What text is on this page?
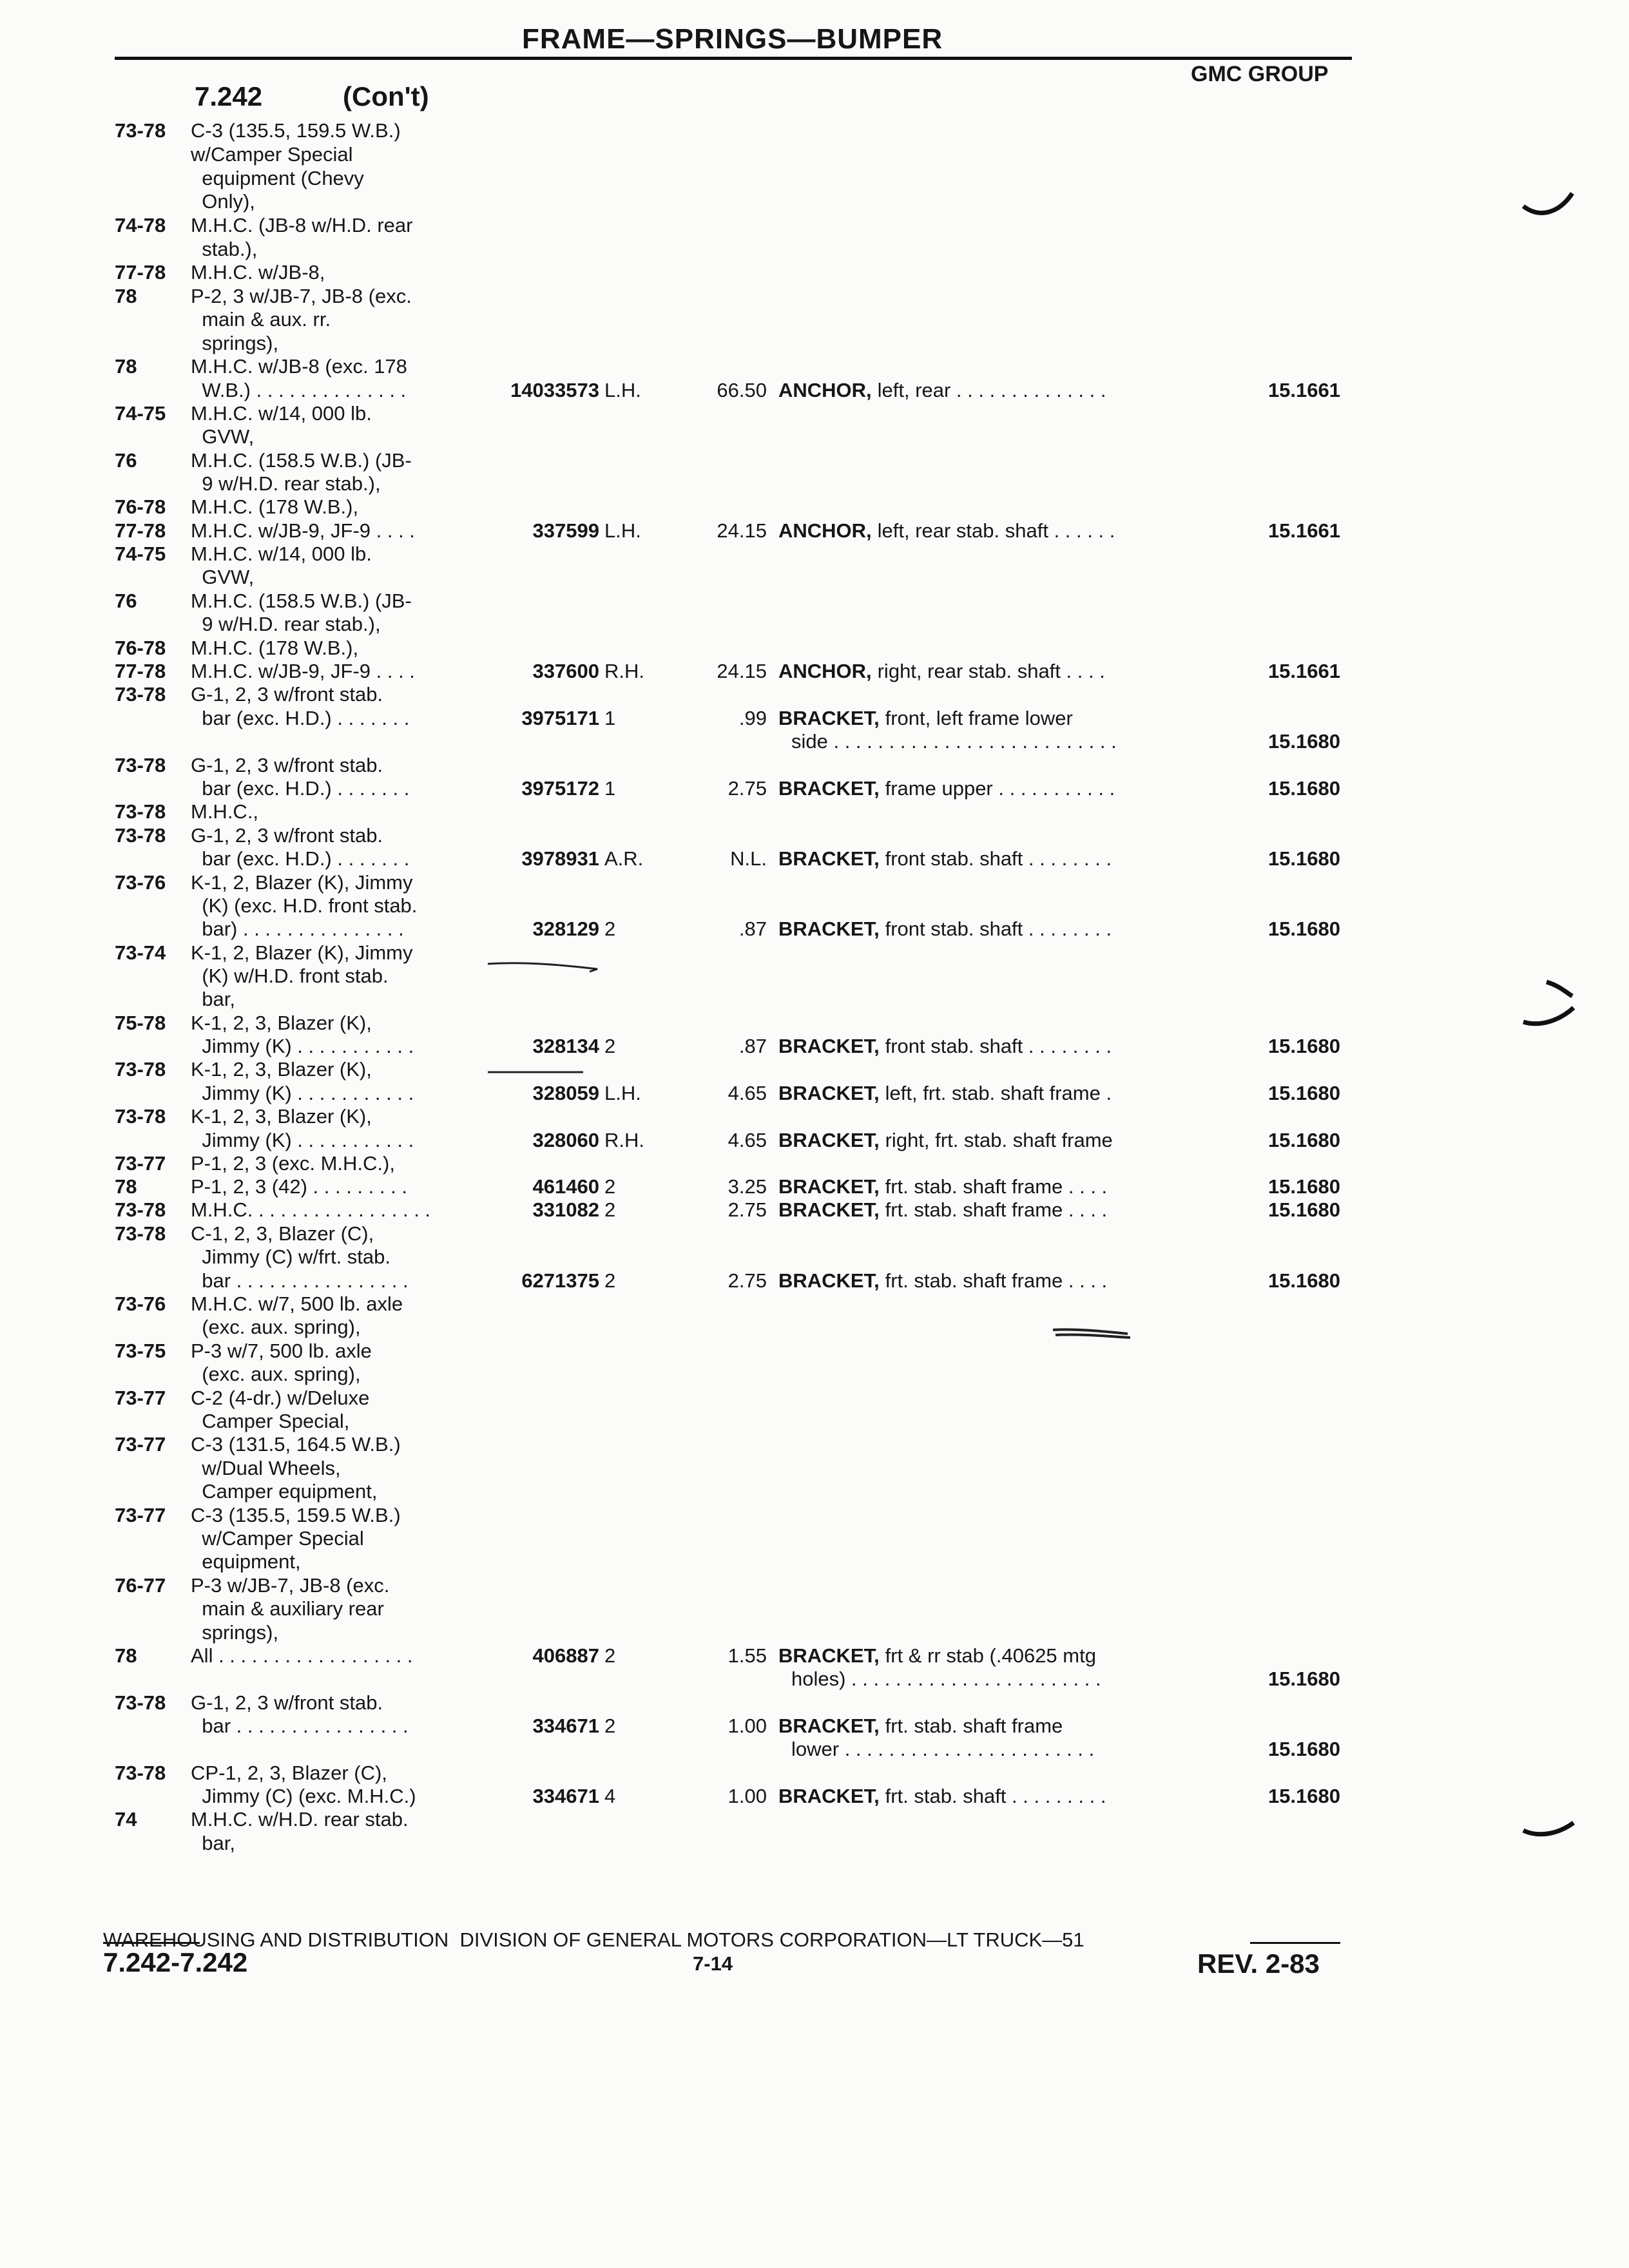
FRAME—SPRINGS—BUMPER
GMC GROUP
7.242	(Con't)
73-78 C-3 (135.5, 159.5 W.B.)
w/Camper Special
equipment (Chevy
Only),
74-78 M.H.C. (JB-8 w/H.D. rear
stab.),
77-78 M.H.C. w/JB-8,
78	P-2, 3 w/JB-7, JB-8 (exc.
main & aux. rr.
springs),
78	M.H.C. w/JB-8 (exc. 178
W.B.) . . . . . . . . . . . . . .	14033573 L.H.	66.50 ANCHOR, left, rear . . . . . . . . . . . . . .	15.1661
74-75 M.H.C. w/14, 000 lb.
GVW,
76	M.H.C. (158.5 W.B.) (JB-
9 w/H.D. rear stab.),
76-78 M.H.C. (178 W.B.),
77-78 M.H.C. w/JB-9, JF-9 . . . .	337599 L.H.	24.15 ANCHOR, left, rear stab. shaft . . . . . .	15.1661
74-75 M.H.C. w/14, 000 lb.
GVW,
76	M.H.C. (158.5 W.B.) (JB-
9 w/H.D. rear stab.),
76-78 M.H.C. (178 W.B.),
77-78 M.H.C. w/JB-9, JF-9 . . . .	337600 R.H.	24.15 ANCHOR, right, rear stab. shaft . . . .	15.1661
73-78 G-1, 2, 3 w/front stab.
bar (exc. H.D.) . . . . . . .	3975171 1	.99 BRACKET, front, left frame lower
side . . . . . . . . . . . . . . . . . . . . . . . . . .	15.1680
73-78 G-1, 2, 3 w/front stab.
bar (exc. H.D.) . . . . . . .	3975172 1	2.75 BRACKET, frame upper . . . . . . . . . . .	15.1680
73-78 M.H.C.,
73-78 G-1, 2, 3 w/front stab.
bar (exc. H.D.) . . . . . . .	3978931 A.R.	N.L. BRACKET, front stab. shaft . . . . . . . .	15.1680
73-76 K-1, 2, Blazer (K), Jimmy
(K) (exc. H.D. front stab.
bar) . . . . . . . . . . . . . . .	328129 2	.87 BRACKET, front stab. shaft . . . . . . . .	15.1680
73-74 K-1, 2, Blazer (K), Jimmy
(K) w/H.D. front stab.
bar,
75-78 K-1, 2, 3, Blazer (K),
Jimmy (K) . . . . . . . . . . .	328134 2	.87 BRACKET, front stab. shaft . . . . . . . .	15.1680
73-78 K-1, 2, 3, Blazer (K),
Jimmy (K) . . . . . . . . . . .	328059 L.H.	4.65 BRACKET, left, frt. stab. shaft frame .	15.1680
73-78 K-1, 2, 3, Blazer (K),
Jimmy (K) . . . . . . . . . . .	328060 R.H.	4.65 BRACKET, right, frt. stab. shaft frame	15.1680
73-77 P-1, 2, 3 (exc. M.H.C.),
78	P-1, 2, 3 (42) . . . . . . . . .	461460 2	3.25 BRACKET, frt. stab. shaft frame . . . .	15.1680
73-78 M.H.C. . . . . . . . . . . . . . . . .	331082 2	2.75 BRACKET, frt. stab. shaft frame . . . .	15.1680
73-78 C-1, 2, 3, Blazer (C),
Jimmy (C) w/frt. stab.
bar . . . . . . . . . . . . . . . .	6271375 2	2.75 BRACKET, frt. stab. shaft frame . . . .	15.1680
73-76 M.H.C. w/7, 500 lb. axle
(exc. aux. spring),
73-75 P-3 w/7, 500 lb. axle
(exc. aux. spring),
73-77 C-2 (4-dr.) w/Deluxe
Camper Special,
73-77 C-3 (131.5, 164.5 W.B.)
w/Dual Wheels,
Camper equipment,
73-77 C-3 (135.5, 159.5 W.B.)
w/Camper Special
equipment,
76-77 P-3 w/JB-7, JB-8 (exc.
main & auxiliary rear
springs),
78	All . . . . . . . . . . . . . . . . . .	406887 2	1.55 BRACKET, frt & rr stab (.40625 mtg
holes) . . . . . . . . . . . . . . . . . . . . . . .	15.1680
73-78 G-1, 2, 3 w/front stab.
bar . . . . . . . . . . . . . . . .	334671 2	1.00 BRACKET, frt. stab. shaft frame
lower . . . . . . . . . . . . . . . . . . . . . . .	15.1680
73-78 CP-1, 2, 3, Blazer (C),
Jimmy (C) (exc. M.H.C.)	334671 4	1.00 BRACKET, frt. stab. shaft . . . . . . . . .	15.1680
74	M.H.C. w/H.D. rear stab.
bar,
WAREHOUSING AND DISTRIBUTION  DIVISION OF GENERAL MOTORS CORPORATION—LT TRUCK—51
7.242-7.242	7-14	REV. 2-83
